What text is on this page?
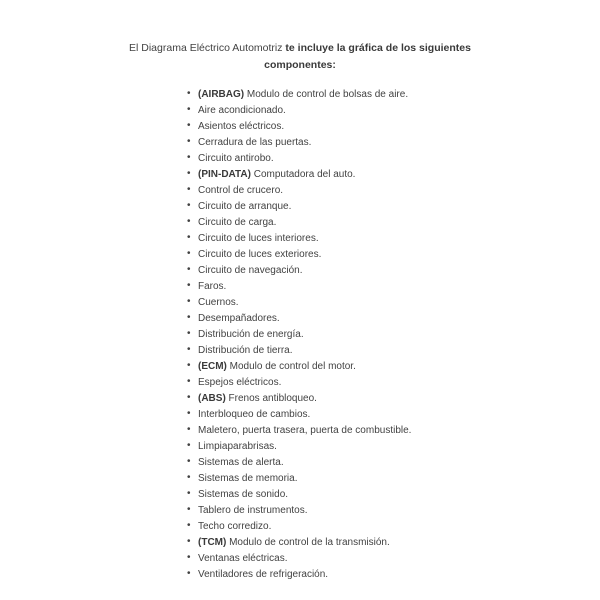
El Diagrama Eléctrico Automotriz te incluye la gráfica de los siguientes
componentes:
• (AIRBAG) Modulo de control de bolsas de aire.
• Aire acondicionado.
• Asientos eléctricos.
• Cerradura de las puertas.
• Circuito antirobo.
• (PIN-DATA) Computadora del auto.
• Control de crucero.
• Circuito de arranque.
• Circuito de carga.
• Circuito de luces interiores.
• Circuito de luces exteriores.
• Circuito de navegación.
• Faros.
• Cuernos.
• Desempañadores.
• Distribución de energía.
• Distribución de tierra.
• (ECM) Modulo de control del motor.
• Espejos eléctricos.
• (ABS) Frenos antibloqueo.
• Interbloqueo de cambios.
• Maletero, puerta trasera, puerta de combustible.
• Limpiaparabrisas.
• Sistemas de alerta.
• Sistemas de memoria.
• Sistemas de sonido.
• Tablero de instrumentos.
• Techo corredizo.
• (TCM) Modulo de control de la transmisión.
• Ventanas eléctricas.
• Ventiladores de refrigeración.
